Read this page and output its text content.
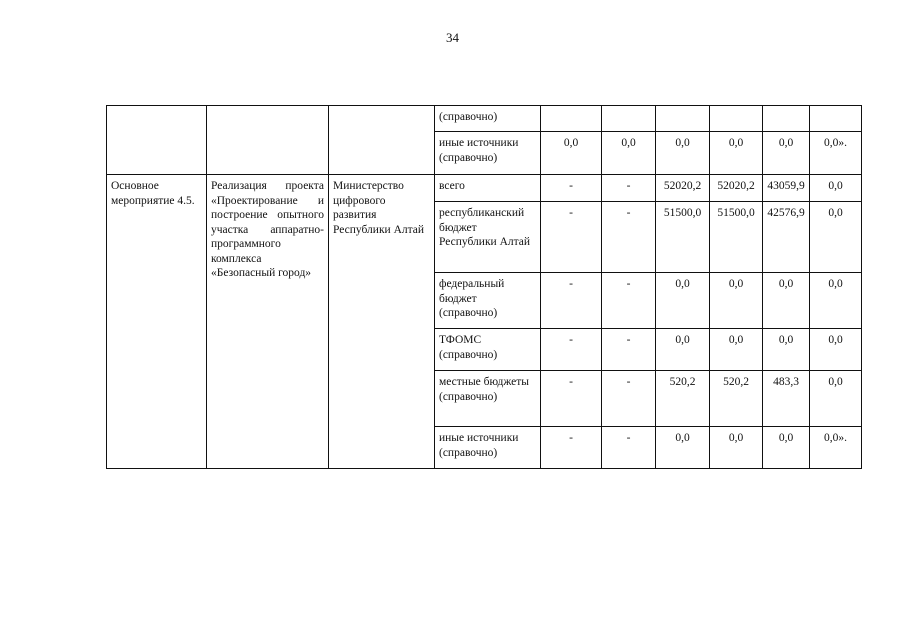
34
			(справочно)						
			иные источники (справочно)	0,0	0,0	0,0	0,0	0,0	0,0».
Основное мероприятие 4.5.	Реализация проекта «Проектирование и построение опытного участка аппаратно-программного комплекса «Безопасный город»	Министерство цифрового развития Республики Алтай	всего	-	-	52020,2	52020,2	43059,9	0,0
			республиканский бюджет Республики Алтай	-	-	51500,0	51500,0	42576,9	0,0
			федеральный бюджет (справочно)	-	-	0,0	0,0	0,0	0,0
			ТФОМС (справочно)	-	-	0,0	0,0	0,0	0,0
			местные бюджеты (справочно)	-	-	520,2	520,2	483,3	0,0
			иные источники (справочно)	-	-	0,0	0,0	0,0	0,0».
